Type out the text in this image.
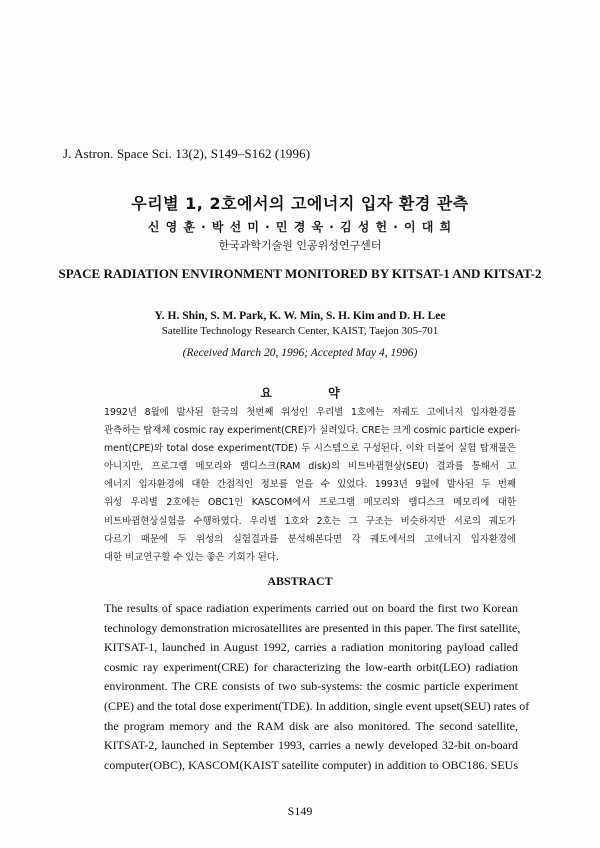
J. Astron. Space Sci. 13(2), S149–S162 (1996)
우리별 1, 2호에서의 고에너지 입자 환경 관측
신 영 훈 · 박 선 미 · 민 경 욱 · 김 성 헌 · 이 대 희
한국과학기술원 인공위성연구센터
SPACE RADIATION ENVIRONMENT MONITORED BY KITSAT-1 AND KITSAT-2
Y. H. Shin, S. M. Park, K. W. Min, S. H. Kim and D. H. Lee
Satellite Technology Research Center, KAIST, Taejon 305-701
(Received March 20, 1996; Accepted May 4, 1996)
요 약
1992년 8월에 발사된 한국의 첫번째 위성인 우리별 1호에는 저궤도 고에너지 입자환경를
관측하는 탑재체 cosmic ray experiment(CRE)가 실려있다. CRE는 크게 cosmic particle experi-
ment(CPE)와 total dose experiment(TDE) 두 시스템으로 구성된다. 이와 더불어 실험 탑재물은
아니지만, 프로그램 메모리와 램디스크(RAM disk)의 비트바뀜현상(SEU) 결과를 통해서 고
에너지 입자환경에 대한 간접적인 정보를 얻을 수 있었다. 1993년 9월에 발사된 두 번째
위성 우리별 2호에는 OBC1인 KASCOM에서 프로그램 메모리와 램디스크 메모리에 대한
비트바뀜현상실험을 수행하였다. 우리별 1호와 2호는 그 구조는 비슷하지만 서로의 궤도가
다르기 때문에 두 위성의 실험결과를 분석해본다면 각 궤도에서의 고에너지 입자환경에
대한 비교연구할 수 있는 좋은 기회가 된다.
ABSTRACT
The results of space radiation experiments carried out on board the first two Korean
technology demonstration microsatellites are presented in this paper. The first satellite,
KITSAT-1, launched in August 1992, carries a radiation monitoring payload called
cosmic ray experiment(CRE) for characterizing the low-earth orbit(LEO) radiation
environment. The CRE consists of two sub-systems: the cosmic particle experiment
(CPE) and the total dose experiment(TDE). In addition, single event upset(SEU) rates of
the program memory and the RAM disk are also monitored. The second satellite,
KITSAT-2, launched in September 1993, carries a newly developed 32-bit on-board
computer(OBC), KASCOM(KAIST satellite computer) in addition to OBC186. SEUs
S149
